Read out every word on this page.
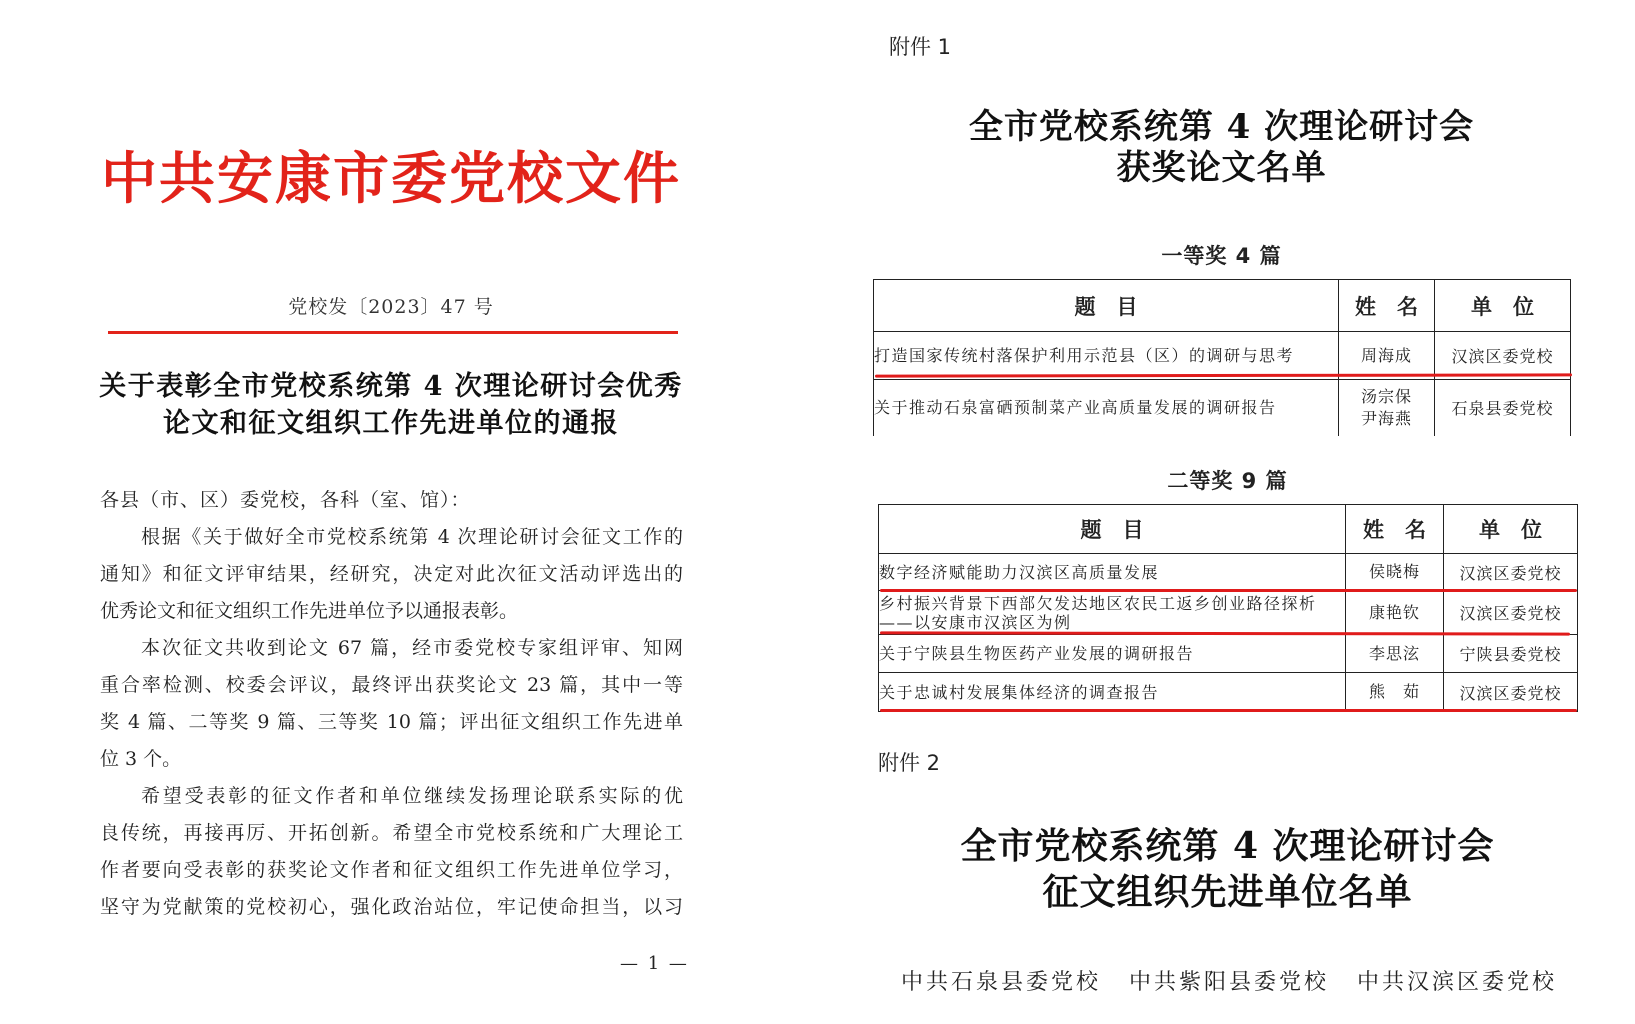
中共安康市委党校文件
党校发〔2023〕47 号
关于表彰全市党校系统第 4 次理论研讨会优秀
论文和征文组织工作先进单位的通报
各县（市、区）委党校，各科（室、馆）：
根据《关于做好全市党校系统第 4 次理论研讨会征文工作的
通知》和征文评审结果，经研究，决定对此次征文活动评选出的
优秀论文和征文组织工作先进单位予以通报表彰。
本次征文共收到论文 67 篇，经市委党校专家组评审、知网
重合率检测、校委会评议，最终评出获奖论文 23 篇，其中一等
奖 4 篇、二等奖 9 篇、三等奖 10 篇；评出征文组织工作先进单
位 3 个。
希望受表彰的征文作者和单位继续发扬理论联系实际的优
良传统，再接再厉、开拓创新。希望全市党校系统和广大理论工
作者要向受表彰的获奖论文作者和征文组织工作先进单位学习，
坚守为党献策的党校初心，强化政治站位，牢记使命担当，以习
— 1 —
附件 1
全市党校系统第 4 次理论研讨会
获奖论文名单
一等奖 4 篇
题　目	姓　名	单　位

打造国家传统村落保护利用示范县（区）的调研与思考	周海成	汉滨区委党校

关于推动石泉富硒预制菜产业高质量发展的调研报告	汤宗保
尹海燕	石泉县委党校
二等奖 9 篇
题　目	姓　名	单　位

数字经济赋能助力汉滨区高质量发展	侯晓梅	汉滨区委党校

乡村振兴背景下西部欠发达地区农民工返乡创业路径探析
——以安康市汉滨区为例	康艳钦	汉滨区委党校

关于宁陕县生物医药产业发展的调研报告	李思泫	宁陕县委党校

关于忠诚村发展集体经济的调查报告	熊　茹	汉滨区委党校
附件 2
全市党校系统第 4 次理论研讨会
征文组织先进单位名单
中共石泉县委党校 中共紫阳县委党校 中共汉滨区委党校
